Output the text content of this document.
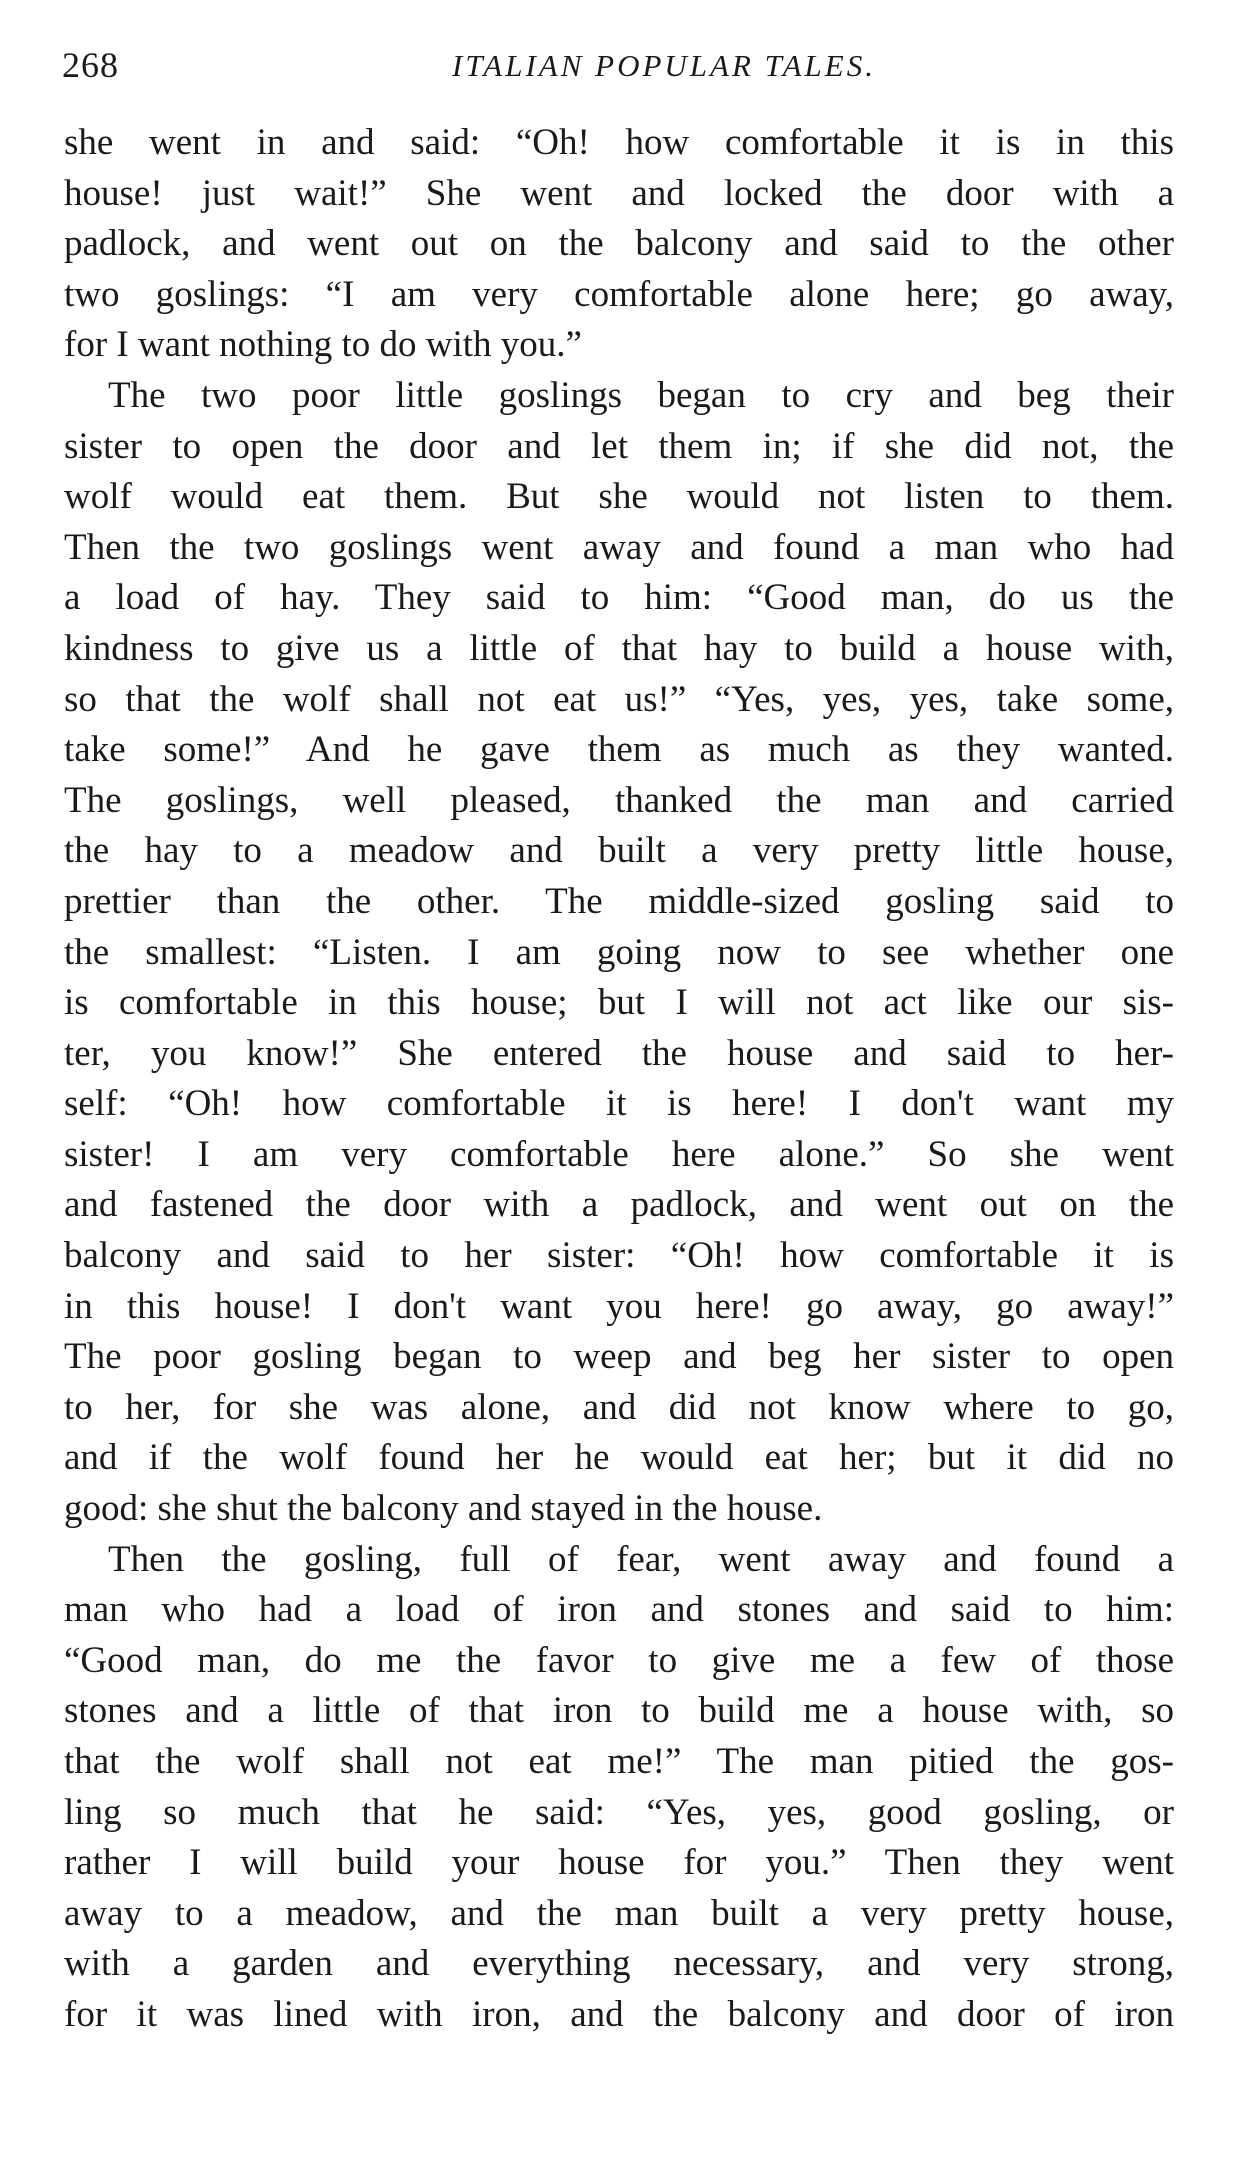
268	ITALIAN POPULAR TALES.
she went in and said: “Oh! how comfortable it is in this
house! just wait!” She went and locked the door with a
padlock, and went out on the balcony and said to the other
two goslings: “I am very comfortable alone here; go away,
for I want nothing to do with you.”
The two poor little goslings began to cry and beg their
sister to open the door and let them in; if she did not, the
wolf would eat them. But she would not listen to them.
Then the two goslings went away and found a man who had
a load of hay. They said to him: “Good man, do us the
kindness to give us a little of that hay to build a house with,
so that the wolf shall not eat us!” “Yes, yes, yes, take some,
take some!” And he gave them as much as they wanted.
The goslings, well pleased, thanked the man and carried
the hay to a meadow and built a very pretty little house,
prettier than the other. The middle-sized gosling said to
the smallest: “Listen. I am going now to see whether one
is comfortable in this house; but I will not act like our sis-
ter, you know!” She entered the house and said to her-
self: “Oh! how comfortable it is here! I don't want my
sister! I am very comfortable here alone.” So she went
and fastened the door with a padlock, and went out on the
balcony and said to her sister: “Oh! how comfortable it is
in this house! I don't want you here! go away, go away!”
The poor gosling began to weep and beg her sister to open
to her, for she was alone, and did not know where to go,
and if the wolf found her he would eat her; but it did no
good: she shut the balcony and stayed in the house.
Then the gosling, full of fear, went away and found a
man who had a load of iron and stones and said to him:
“Good man, do me the favor to give me a few of those
stones and a little of that iron to build me a house with, so
that the wolf shall not eat me!” The man pitied the gos-
ling so much that he said: “Yes, yes, good gosling, or
rather I will build your house for you.” Then they went
away to a meadow, and the man built a very pretty house,
with a garden and everything necessary, and very strong,
for it was lined with iron, and the balcony and door of iron
